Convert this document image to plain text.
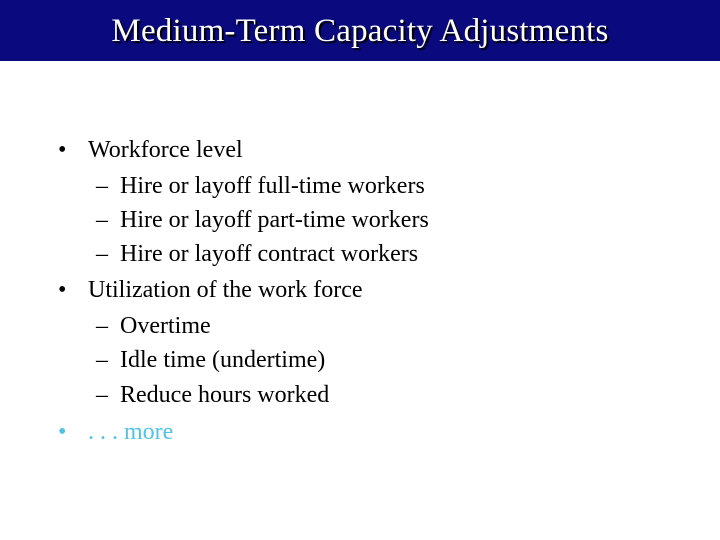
Medium-Term Capacity Adjustments
• Workforce level
– Hire or layoff full-time workers
– Hire or layoff part-time workers
– Hire or layoff contract workers
• Utilization of the work force
– Overtime
– Idle time (undertime)
– Reduce hours worked
• . . . more
